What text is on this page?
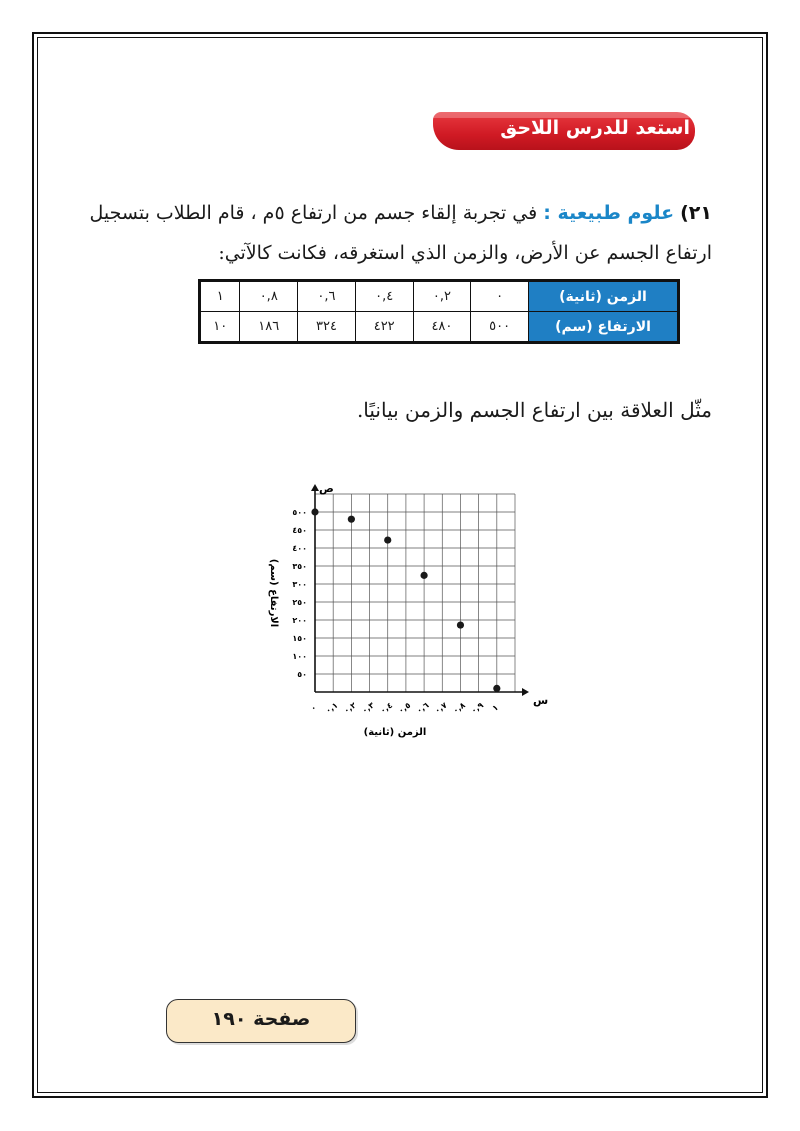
استعد للدرس اللاحق
٢١) علوم طبيعية : في تجربة إلقاء جسم من ارتفاع ٥م ، قام الطلاب بتسجيل
ارتفاع الجسم عن الأرض، والزمن الذي استغرقه، فكانت كالآتي:
الزمن (ثانية)	٠	٠,٢	٠,٤	٠,٦	٠,٨	١
الارتفاع (سم)	٥٠٠	٤٨٠	٤٢٢	٣٢٤	١٨٦	١٠
مثّل العلاقة بين ارتفاع الجسم والزمن بيانيًا.
س
ص
٥٠
١٠٠
١٥٠
٢٠٠
٢٥٠
٣٠٠
٣٥٠
٤٠٠
٤٥٠
٥٠٠
٠ ٠,١ ٠,٢ ٠,٣ ٠,٤ ٠,٥ ٠,٦ ٠,٧ ٠,٨ ٠,٩ ١
الزمن (ثانية)
الارتفاع (سم)
صفحة ١٩٠
